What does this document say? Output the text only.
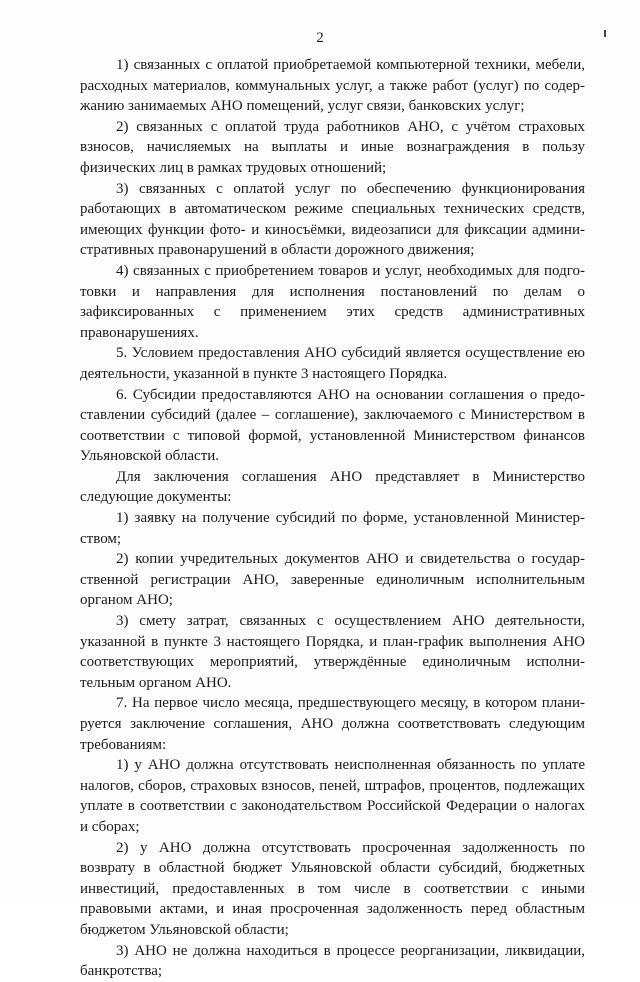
2

1) связанных с оплатой приобретаемой компьютерной техники, мебели, расходных материалов, коммунальных услуг, а также работ (услуг) по содержанию занимаемых АНО помещений, услуг связи, банковских услуг;

2) связанных с оплатой труда работников АНО, с учётом страховых взносов, начисляемых на выплаты и иные вознаграждения в пользу физических лиц в рамках трудовых отношений;

3) связанных с оплатой услуг по обеспечению функционирования работающих в автоматическом режиме специальных технических средств, имеющих функции фото- и киносъёмки, видеозаписи для фиксации административных правонарушений в области дорожного движения;

4) связанных с приобретением товаров и услуг, необходимых для подготовки и направления для исполнения постановлений по делам о зафиксированных с применением этих средств административных правонарушениях.

5. Условием предоставления АНО субсидий является осуществление ею деятельности, указанной в пункте 3 настоящего Порядка.

6. Субсидии предоставляются АНО на основании соглашения о предоставлении субсидий (далее – соглашение), заключаемого с Министерством в соответствии с типовой формой, установленной Министерством финансов Ульяновской области.

Для заключения соглашения АНО представляет в Министерство следующие документы:

1) заявку на получение субсидий по форме, установленной Министерством;

2) копии учредительных документов АНО и свидетельства о государственной регистрации АНО, заверенные единоличным исполнительным органом АНО;

3) смету затрат, связанных с осуществлением АНО деятельности, указанной в пункте 3 настоящего Порядка, и план-график выполнения АНО соответствующих мероприятий, утверждённые единоличным исполнительным органом АНО.

7. На первое число месяца, предшествующего месяцу, в котором планируется заключение соглашения, АНО должна соответствовать следующим требованиям:

1) у АНО должна отсутствовать неисполненная обязанность по уплате налогов, сборов, страховых взносов, пеней, штрафов, процентов, подлежащих уплате в соответствии с законодательством Российской Федерации о налогах и сборах;

2) у АНО должна отсутствовать просроченная задолженность по возврату в областной бюджет Ульяновской области субсидий, бюджетных инвестиций, предоставленных в том числе в соответствии с иными правовыми актами, и иная просроченная задолженность перед областным бюджетом Ульяновской области;

3) АНО не должна находиться в процессе реорганизации, ликвидации, банкротства;
